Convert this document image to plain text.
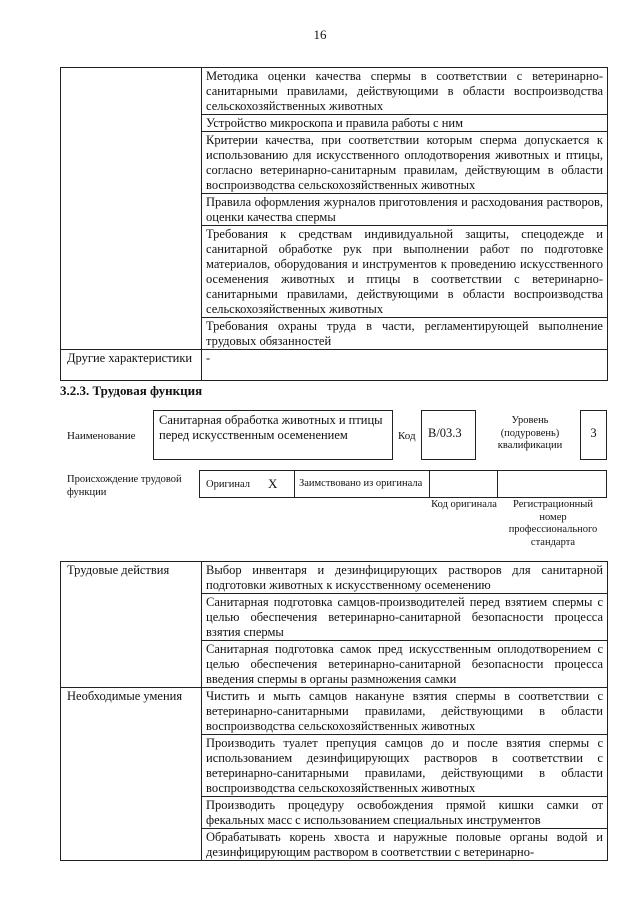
16
	Методика оценки качества спермы в соответствии с ветеринарно-санитарными правилами, действующими в области воспроизводства сельскохозяйственных животных
	Устройство микроскопа и правила работы с ним
	Критерии качества, при соответствии которым сперма допускается к использованию для искусственного оплодотворения животных и птицы, согласно ветеринарно-санитарным правилам, действующим в области воспроизводства сельскохозяйственных животных
	Правила оформления журналов приготовления и расходования растворов, оценки качества спермы
	Требования к средствам индивидуальной защиты, спецодежде и санитарной обработке рук при выполнении работ по подготовке материалов, оборудования и инструментов к проведению искусственного осеменения животных и птицы в соответствии с ветеринарно-санитарными правилами, действующими в области воспроизводства сельскохозяйственных животных
	Требования охраны труда в части, регламентирующей выполнение трудовых обязанностей
Другие характеристики	-
3.2.3. Трудовая функция
Наименование
Санитарная обработка животных и птицы перед искусственным осеменением	Код B/03.3
Уровень (подуровень) квалификации
3
Происхождение трудовой функции
Оригинал X	Заимствовано из оригинала
Код оригинала	Регистрационный номер профессионального стандарта
Трудовые действия	Выбор инвентаря и дезинфицирующих растворов для санитарной подготовки животных к искусственному осеменению
	Санитарная подготовка самцов-производителей перед взятием спермы с целью обеспечения ветеринарно-санитарной безопасности процесса взятия спермы
	Санитарная подготовка самок пред искусственным оплодотворением с целью обеспечения ветеринарно-санитарной безопасности процесса введения спермы в органы размножения самки
Необходимые умения	Чистить и мыть самцов накануне взятия спермы в соответствии с ветеринарно-санитарными правилами, действующими в области воспроизводства сельскохозяйственных животных
	Производить туалет препуция самцов до и после взятия спермы с использованием дезинфицирующих растворов в соответствии с ветеринарно-санитарными правилами, действующими в области воспроизводства сельскохозяйственных животных
	Производить процедуру освобождения прямой кишки самки от фекальных масс с использованием специальных инструментов
	Обрабатывать корень хвоста и наружные половые органы водой и дезинфицирующим раствором в соответствии с ветеринарно-
